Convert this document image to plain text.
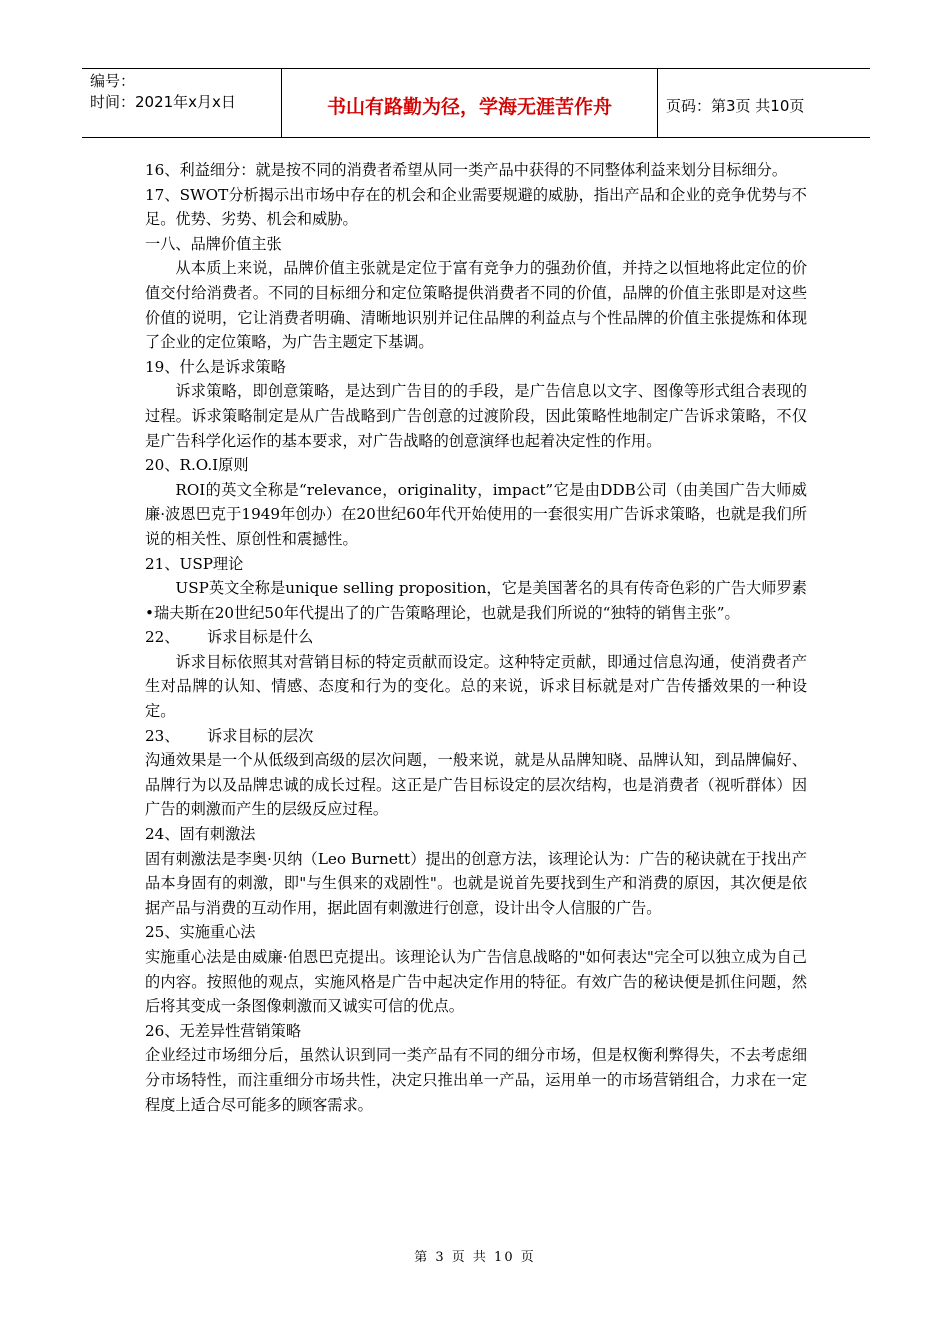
编号：
时间：2021年x月x日	书山有路勤为径，学海无涯苦作舟	页码：第3页 共10页

16、利益细分：就是按不同的消费者希望从同一类产品中获得的不同整体利益来划分目标细分。

17、SWOT分析揭示出市场中存在的机会和企业需要规避的威胁，指出产品和企业的竞争优势与不足。优势、劣势、机会和威胁。

一八、品牌价值主张

从本质上来说，品牌价值主张就是定位于富有竞争力的强劲价值，并持之以恒地将此定位的价值交付给消费者。不同的目标细分和定位策略提供消费者不同的价值，品牌的价值主张即是对这些价值的说明，它让消费者明确、清晰地识别并记住品牌的利益点与个性品牌的价值主张提炼和体现了企业的定位策略，为广告主题定下基调。

19、什么是诉求策略

诉求策略，即创意策略，是达到广告目的的手段，是广告信息以文字、图像等形式组合表现的过程。诉求策略制定是从广告战略到广告创意的过渡阶段，因此策略性地制定广告诉求策略，不仅是广告科学化运作的基本要求，对广告战略的创意演绎也起着决定性的作用。

20、R.O.I原则

ROI的英文全称是“relevance，originality，impact”它是由DDB公司（由美国广告大师威廉·波恩巴克于1949年创办）在20世纪60年代开始使用的一套很实用广告诉求策略，也就是我们所说的相关性、原创性和震撼性。

21、USP理论

USP英文全称是unique selling proposition，它是美国著名的具有传奇色彩的广告大师罗素•瑞夫斯在20世纪50年代提出了的广告策略理论，也就是我们所说的“独特的销售主张”。

22、 诉求目标是什么

诉求目标依照其对营销目标的特定贡献而设定。这种特定贡献，即通过信息沟通，使消费者产生对品牌的认知、情感、态度和行为的变化。总的来说，诉求目标就是对广告传播效果的一种设定。

23、 诉求目标的层次

沟通效果是一个从低级到高级的层次问题，一般来说，就是从品牌知晓、品牌认知，到品牌偏好、品牌行为以及品牌忠诚的成长过程。这正是广告目标设定的层次结构，也是消费者（视听群体）因广告的刺激而产生的层级反应过程。

24、固有刺激法

固有刺激法是李奥·贝纳（Leo Burnett）提出的创意方法，该理论认为：广告的秘诀就在于找出产品本身固有的刺激，即"与生俱来的戏剧性"。也就是说首先要找到生产和消费的原因，其次便是依据产品与消费的互动作用，据此固有刺激进行创意，设计出令人信服的广告。

25、实施重心法

实施重心法是由威廉·伯恩巴克提出。该理论认为广告信息战略的"如何表达"完全可以独立成为自己的内容。按照他的观点，实施风格是广告中起决定作用的特征。有效广告的秘诀便是抓住问题，然后将其变成一条图像刺激而又诚实可信的优点。

26、无差异性营销策略

企业经过市场细分后，虽然认识到同一类产品有不同的细分市场，但是权衡利弊得失，不去考虑细分市场特性，而注重细分市场共性，决定只推出单一产品，运用单一的市场营销组合，力求在一定程度上适合尽可能多的顾客需求。

第 3 页 共 10 页
